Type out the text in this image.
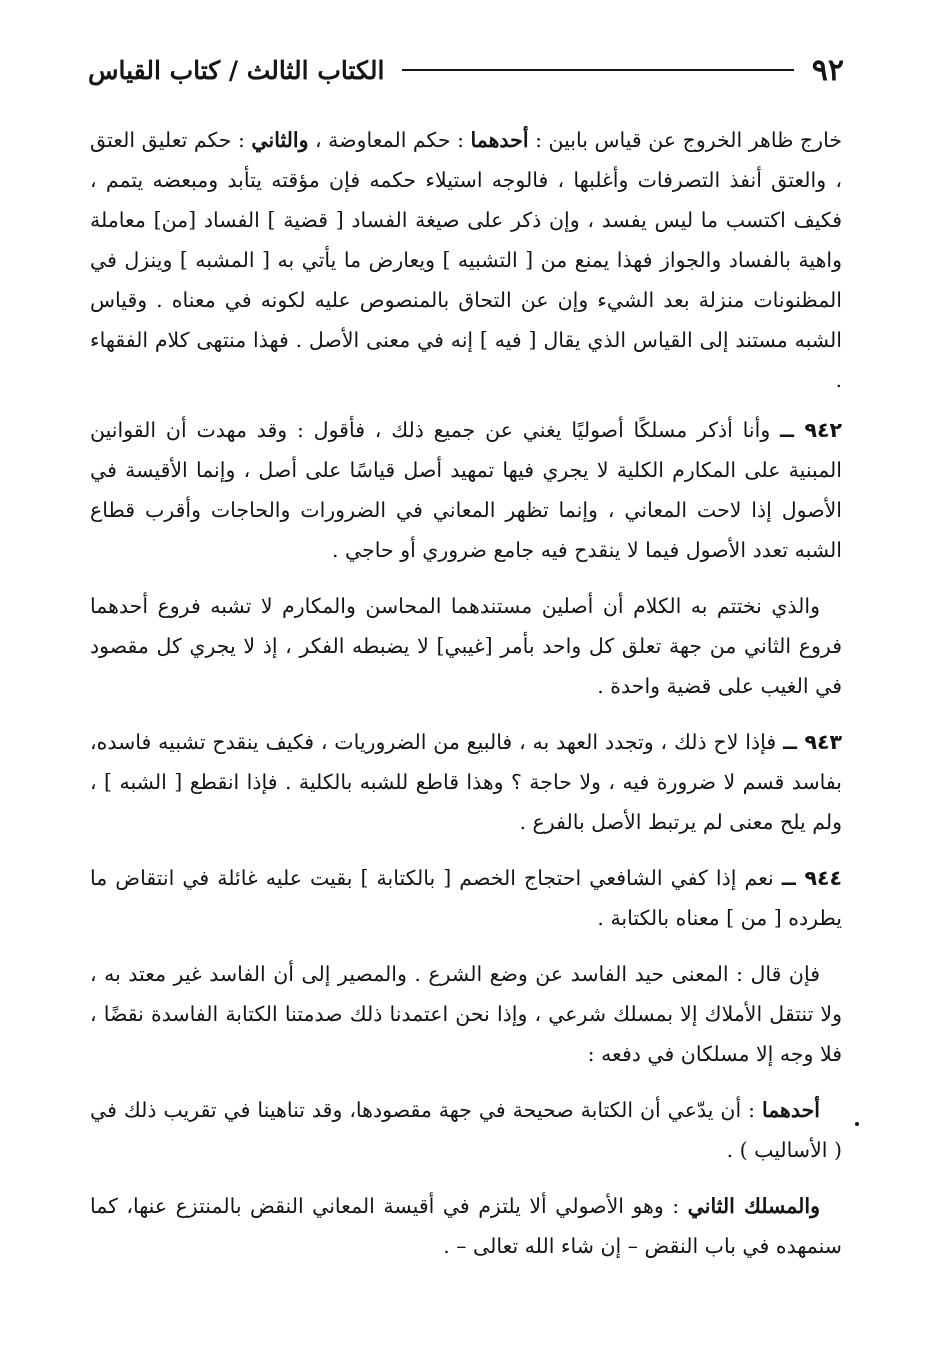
٩٢
الكتاب الثالث / كتاب القياس

خارج ظاهر الخروج عن قياس بابين : أحدهما : حكم المعاوضة ، والثاني : حكم تعليق العتق ، والعتق أنفذ التصرفات وأغلبها ، فالوجه استيلاء حكمه فإن مؤقته يتأبد ومبعضه يتمم ، فكيف اكتسب ما ليس يفسد ، وإن ذكر على صيغة الفساد [ قضية ] الفساد [من] معاملة واهية بالفساد والجواز فهذا يمنع من [ التشبيه ] ويعارض ما يأتي به [ المشبه ] وينزل في المظنونات منزلة بعد الشيء وإن عن التحاق بالمنصوص عليه لكونه في معناه . وقياس الشبه مستند إلى القياس الذي يقال [ فيه ] إنه في معنى الأصل . فهذا منتهى كلام الفقهاء .

٩٤٢ ــ وأنا أذكر مسلكًا أصوليًا يغني عن جميع ذلك ، فأقول : وقد مهدت أن القوانين المبنية على المكارم الكلية لا يجري فيها تمهيد أصل قياسًا على أصل ، وإنما الأقيسة في الأصول إذا لاحت المعاني ، وإنما تظهر المعاني في الضرورات والحاجات وأقرب قطاع الشبه تعدد الأصول فيما لا ينقدح فيه جامع ضروري أو حاجي .

والذي نختتم به الكلام أن أصلين مستندهما المحاسن والمكارم لا تشبه فروع أحدهما فروع الثاني من جهة تعلق كل واحد بأمر [غيبي] لا يضبطه الفكر ، إذ لا يجري كل مقصود في الغيب على قضية واحدة .

٩٤٣ ــ فإذا لاح ذلك ، وتجدد العهد به ، فالبيع من الضروريات ، فكيف ينقدح تشبيه فاسده، بفاسد قسم لا ضرورة فيه ، ولا حاجة ؟ وهذا قاطع للشبه بالكلية . فإذا انقطع [ الشبه ] ، ولم يلح معنى لم يرتبط الأصل بالفرع .

٩٤٤ ــ نعم إذا كفي الشافعي احتجاج الخصم [ بالكتابة ] بقيت عليه غائلة في انتقاض ما يطرده [ من ] معناه بالكتابة .

فإن قال : المعنى حيد الفاسد عن وضع الشرع . والمصير إلى أن الفاسد غير معتد به ، ولا تنتقل الأملاك إلا بمسلك شرعي ، وإذا نحن اعتمدنا ذلك صدمتنا الكتابة الفاسدة نقضًا ، فلا وجه إلا مسلكان في دفعه :

أحدهما : أن يدّعي أن الكتابة صحيحة في جهة مقصودها، وقد تناهينا في تقريب ذلك في ( الأساليب ) .

والمسلك الثاني : وهو الأصولي ألا يلتزم في أقيسة المعاني النقض بالمنتزع عنها، كما سنمهده في باب النقض – إن شاء الله تعالى – .
